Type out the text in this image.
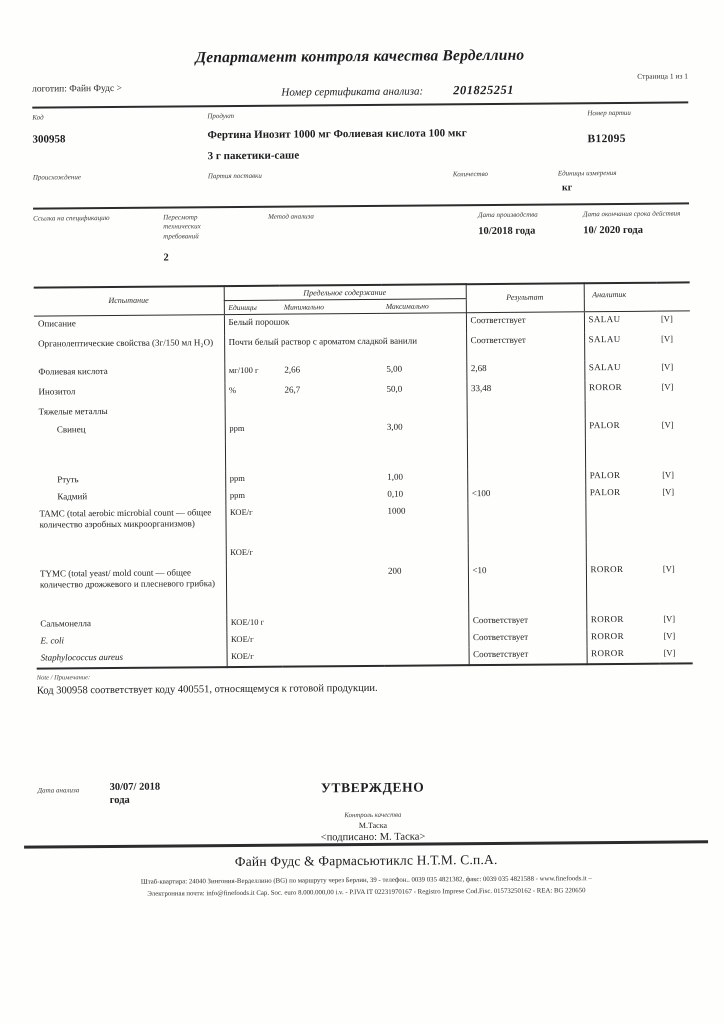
Департамент контроля качества Верделлино
логотип: Файн Фудс >	Номер сертификата анализа: 201825251
Страница 1 из 1
Код
300958
Продукт
Фертина Инозит 1000 мг Фолиевая кислота 100 мкг
3 г пакетики-саше
Номер партии
B12095
Происхождение	Партия поставки	Количество	Единицы измерения
кг
Ссылка на спецификацию	Пересмотр технических требований
2
Метод анализа	Дата производства
10/2018 года
Дата окончания срока действия
10/ 2020 года
Испытание	Предельное содержание			Результат	Аналитик	
	Единицы	Минимально	Максимально			
Описание	Белый порошок			Соответствует	SALAU	[V]
Органолептические свойства (3г/150 мл H₂O)	Почти белый раствор с ароматом сладкой ванили			Соответствует	SALAU	[V]
Фолиевая кислота	мг/100 г	2,66	5,00	2,68	SALAU	[V]
Инозитол	%	26,7	50,0	33,48	ROROR	[V]
Тяжелые металлы						
Свинец	ppm		3,00		PALOR	[V]

Ртуть	ppm		1,00		PALOR	[V]
Кадмий	ppm		0,10	<100	PALOR	[V]
TAMC (total aerobic microbial count — общее количество аэробных микроорганизмов)	КОЕ/г		1000			
	КОЕ/г					
TYMC (total yeast/ mold count — общее количество дрожжевого и плесневого грибка)			200	<10	ROROR	[V]
Сальмонелла	КОЕ/10 г			Соответствует	ROROR	[V]
E. coli	КОЕ/г			Соответствует	ROROR	[V]
Staphylococcus aureus	КОЕ/г			Соответствует	ROROR	[V]
Note / Примечание:
Код 300958 соответствует коду 400551, относящемуся к готовой продукции.
Дата анализа	30/07/ 2018
года
УТВЕРЖДЕНО
Контроль качества
М.Таска
<подписано: М. Таска>
Файн Фудс & Фармасьютиклс Н.Т.М. С.п.А.
Штаб-квартира: 24040 Зингония-Верделлино (BG) по маршруту через Берлин, 39 - телефон.. 0039 035 4821382, факс: 0039 035 4821588 - www.finefoods.it –
Электронная почта: info@finefoods.it Cap. Soc. euro 8.000.000,00 i.v. - P.IVA IT 02231970167 - Registro Imprese Cod.Fisc. 01573250162 - REA: BG 220650
